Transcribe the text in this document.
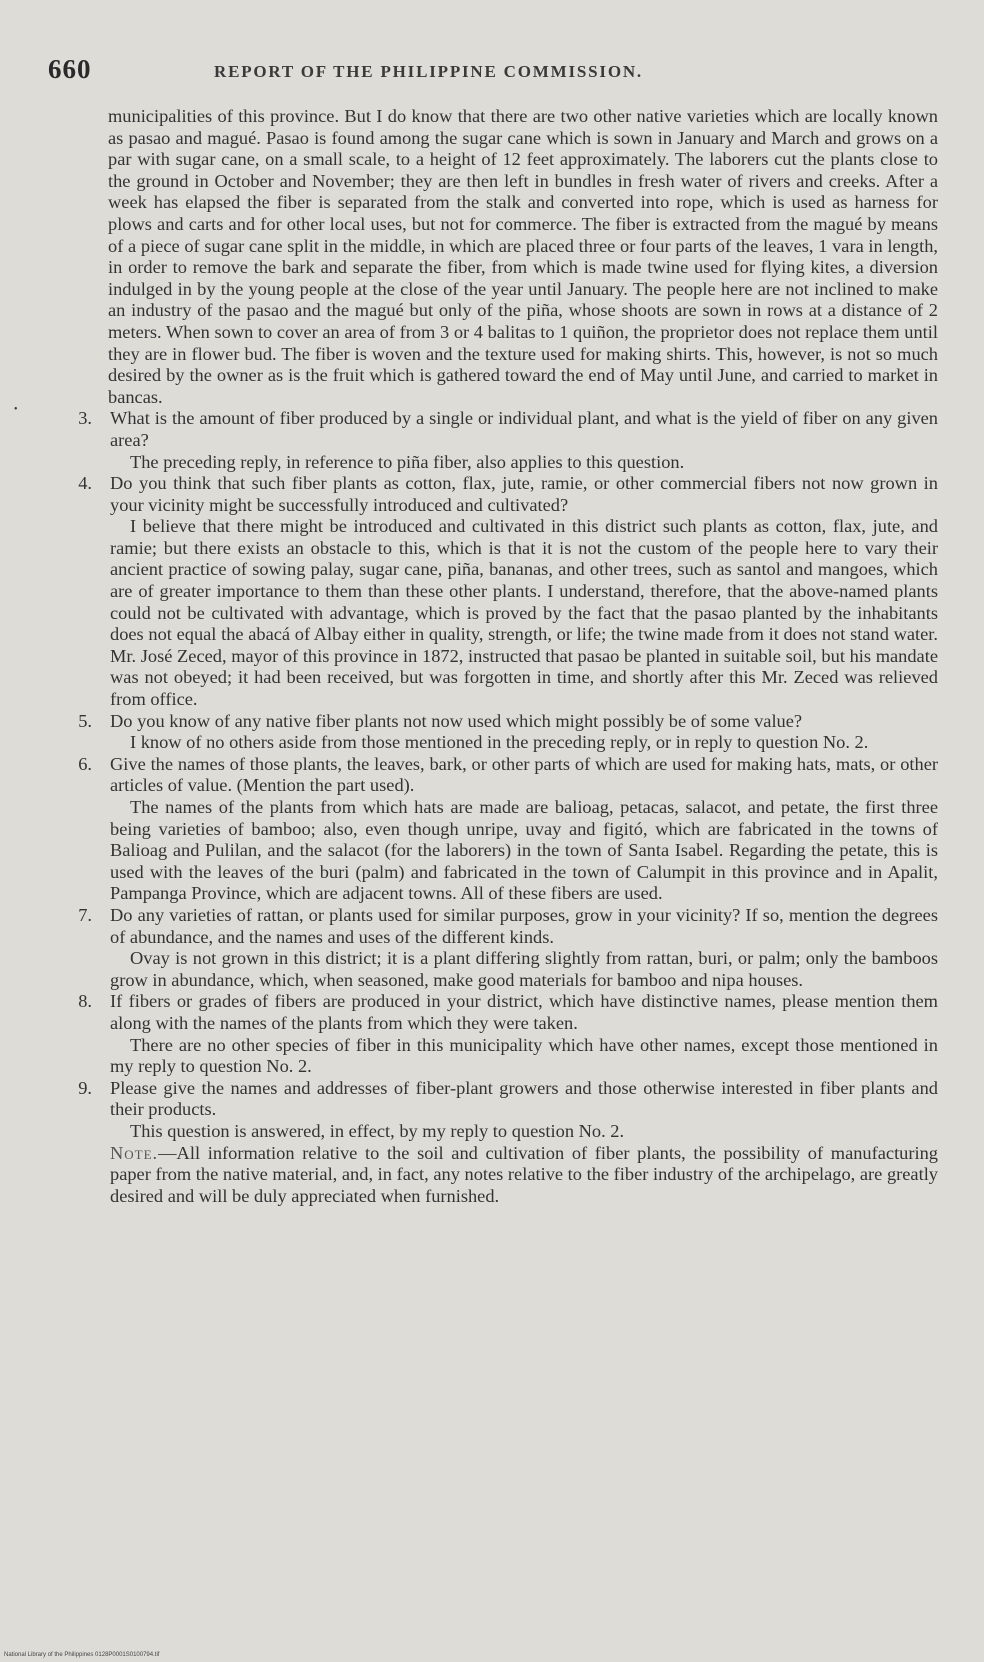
660	REPORT OF THE PHILIPPINE COMMISSION.
•

municipalities of this province. But I do know that there are two other native varieties which are locally known as pasao and magué. Pasao is found among the sugar cane which is sown in January and March and grows on a par with sugar cane, on a small scale, to a height of 12 feet approximately. The laborers cut the plants close to the ground in October and November; they are then left in bundles in fresh water of rivers and creeks. After a week has elapsed the fiber is separated from the stalk and converted into rope, which is used as harness for plows and carts and for other local uses, but not for commerce. The fiber is extracted from the magué by means of a piece of sugar cane split in the middle, in which are placed three or four parts of the leaves, 1 vara in length, in order to remove the bark and separate the fiber, from which is made twine used for flying kites, a diversion indulged in by the young people at the close of the year until January. The people here are not inclined to make an industry of the pasao and the magué but only of the piña, whose shoots are sown in rows at a distance of 2 meters. When sown to cover an area of from 3 or 4 balitas to 1 quiñon, the proprietor does not replace them until they are in flower bud. The fiber is woven and the texture used for making shirts. This, however, is not so much desired by the owner as is the fruit which is gathered toward the end of May until June, and carried to market in bancas.

3. What is the amount of fiber produced by a single or individual plant, and what is the yield of fiber on any given area?

The preceding reply, in reference to piña fiber, also applies to this question.

4. Do you think that such fiber plants as cotton, flax, jute, ramie, or other commercial fibers not now grown in your vicinity might be successfully introduced and cultivated?

I believe that there might be introduced and cultivated in this district such plants as cotton, flax, jute, and ramie; but there exists an obstacle to this, which is that it is not the custom of the people here to vary their ancient practice of sowing palay, sugar cane, piña, bananas, and other trees, such as santol and mangoes, which are of greater importance to them than these other plants. I understand, therefore, that the above-named plants could not be cultivated with advantage, which is proved by the fact that the pasao planted by the inhabitants does not equal the abacá of Albay either in quality, strength, or life; the twine made from it does not stand water. Mr. José Zeced, mayor of this province in 1872, instructed that pasao be planted in suitable soil, but his mandate was not obeyed; it had been received, but was forgotten in time, and shortly after this Mr. Zeced was relieved from office.

5. Do you know of any native fiber plants not now used which might possibly be of some value?

I know of no others aside from those mentioned in the preceding reply, or in reply to question No. 2.

6. Give the names of those plants, the leaves, bark, or other parts of which are used for making hats, mats, or other articles of value. (Mention the part used).

The names of the plants from which hats are made are balioag, petacas, salacot, and petate, the first three being varieties of bamboo; also, even though unripe, uvay and figitó, which are fabricated in the towns of Balioag and Pulilan, and the salacot (for the laborers) in the town of Santa Isabel. Regarding the petate, this is used with the leaves of the buri (palm) and fabricated in the town of Calumpit in this province and in Apalit, Pampanga Province, which are adjacent towns. All of these fibers are used.

7. Do any varieties of rattan, or plants used for similar purposes, grow in your vicinity? If so, mention the degrees of abundance, and the names and uses of the different kinds.

Ovay is not grown in this district; it is a plant differing slightly from rattan, buri, or palm; only the bamboos grow in abundance, which, when seasoned, make good materials for bamboo and nipa houses.

8. If fibers or grades of fibers are produced in your district, which have distinctive names, please mention them along with the names of the plants from which they were taken.

There are no other species of fiber in this municipality which have other names, except those mentioned in my reply to question No. 2.

9. Please give the names and addresses of fiber-plant growers and those otherwise interested in fiber plants and their products.

This question is answered, in effect, by my reply to question No. 2.

Note.—All information relative to the soil and cultivation of fiber plants, the possibility of manufacturing paper from the native material, and, in fact, any notes relative to the fiber industry of the archipelago, are greatly desired and will be duly appreciated when furnished.

National Library of the Philippines 0128P0001S0100794.tif
